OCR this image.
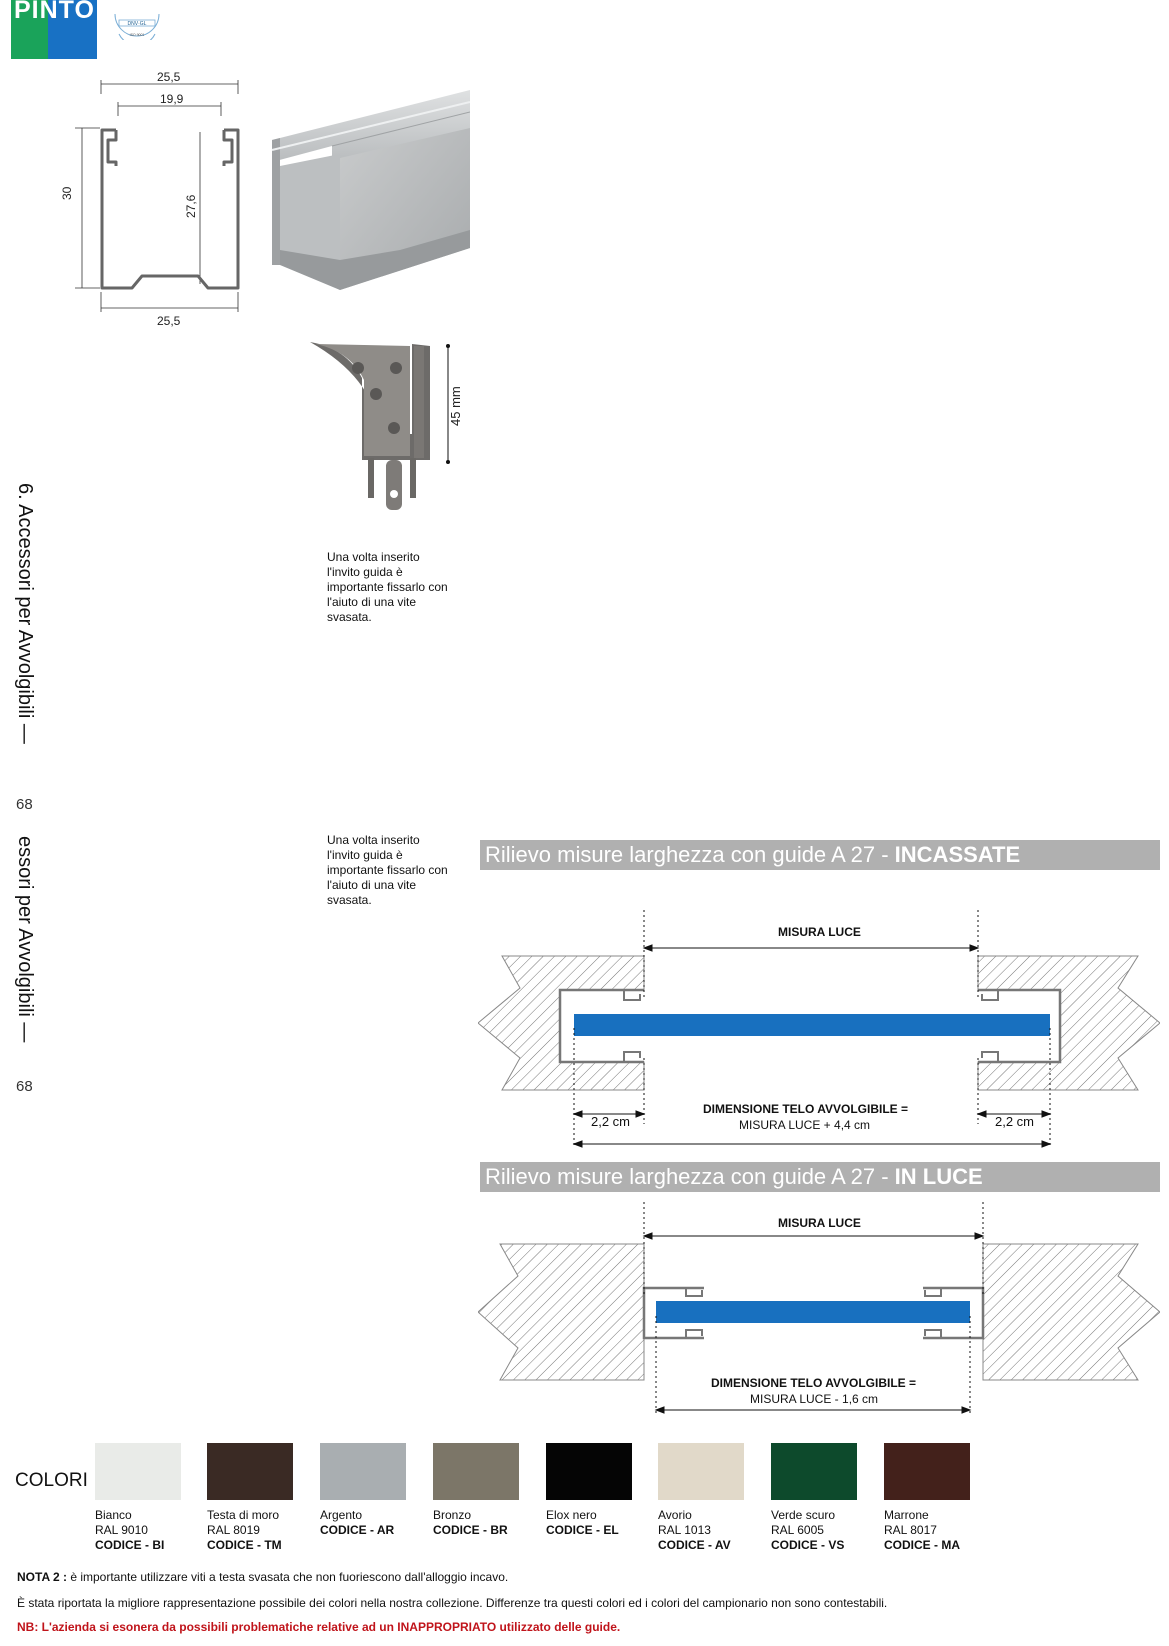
PINTO	DNV·GL
ISO 9001
6. Accessori per Avvolgibili —
68
essori per Avvolgibili —
68
25,5
19,9
30
27,6
25,5
45 mm
Una volta inserito l'invito guida è importante fissarlo con l'aiuto di una vite svasata.
Una volta inserito l'invito guida è importante fissarlo con l'aiuto di una vite svasata.
Rilievo misure larghezza con guide A 27 - INCASSATE
MISURA LUCE
2,2 cm	2,2 cm
DIMENSIONE TELO AVVOLGIBILE =
MISURA LUCE + 4,4 cm
Rilievo misure larghezza con guide A 27 - IN LUCE
MISURA LUCE
DIMENSIONE TELO AVVOLGIBILE =
MISURA LUCE - 1,6 cm
COLORI
Bianco
RAL 9010
CODICE - BI
Testa di moro
RAL 8019
CODICE - TM
Argento
CODICE - AR
Bronzo
CODICE - BR
Elox nero
CODICE - EL
Avorio
RAL 1013
CODICE - AV
Verde scuro
RAL 6005
CODICE - VS
Marrone
RAL 8017
CODICE - MA
NOTA 2 : è importante utilizzare viti a testa svasata che non fuoriescono dall'alloggio incavo.
È stata riportata la migliore rappresentazione possibile dei colori nella nostra collezione. Differenze tra questi colori ed i colori del campionario non sono contestabili.
NB: L'azienda si esonera da possibili problematiche relative ad un INAPPROPRIATO utilizzato delle guide.
